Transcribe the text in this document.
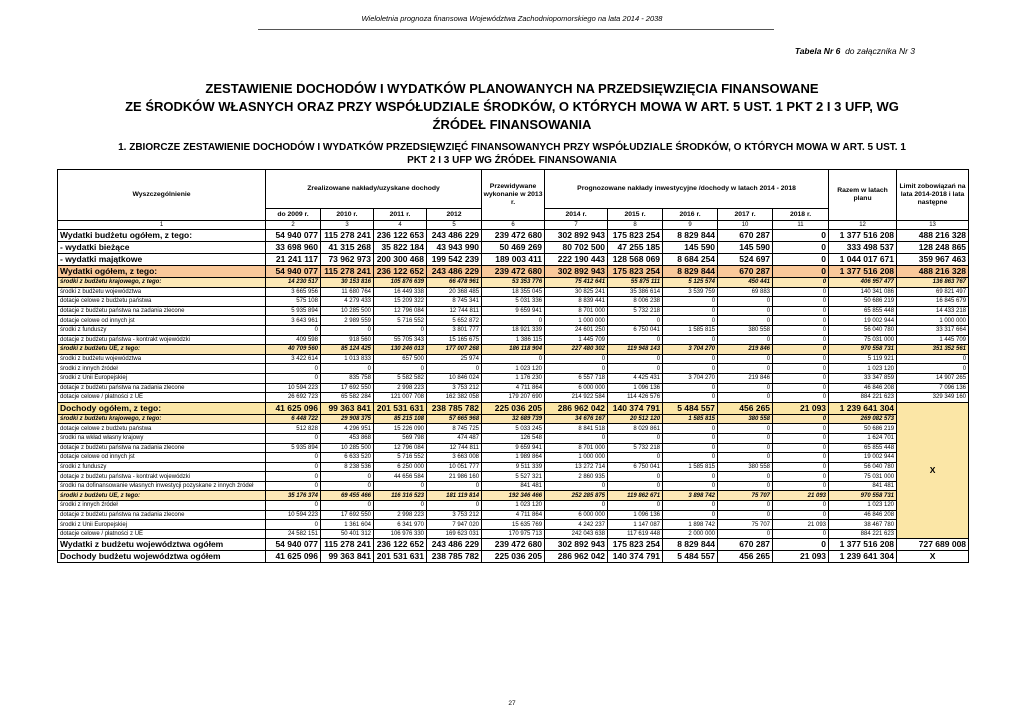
Wieloletnia prognoza finansowa Województwa Zachodniopomorskiego na lata 2014 - 2038
Tabela Nr 6 do załącznika Nr 3
ZESTAWIENIE DOCHODÓW I WYDATKÓW PLANOWANYCH NA PRZEDSIĘWZIĘCIA FINANSOWANE
ZE ŚRODKÓW WŁASNYCH ORAZ PRZY WSPÓŁUDZIALE ŚRODKÓW, O KTÓRYCH MOWA W ART. 5 UST. 1 PKT 2 I 3 UFP, WG
ŹRÓDEŁ FINANSOWANIA
1. ZBIORCZE ZESTAWIENIE DOCHODÓW I WYDATKÓW PRZEDSIĘWZIĘĆ FINANSOWANYCH PRZY WSPÓŁUDZIALE ŚRODKÓW, O KTÓRYCH MOWA W ART. 5 UST. 1
PKT 2 I 3 UFP WG ŹRÓDEŁ FINANSOWANIA
Wyszczególnienie	Zrealizowane nakłady/uzyskane dochody				Przewidywane wykonanie w 2013 r.	Prognozowane nakłady inwestycyjne /dochody w latach 2014 - 2018					Razem w latach planu	Limit zobowiązań na lata 2014-2018 i lata następne
	do 2009 r.	2010 r.	2011 r.	2012		2014 r.	2015 r.	2016 r.	2017 r.	2018 r.		
1	2	3	4	5	6	7	8	9	10	11	12	13
Wydatki budżetu ogółem, z tego:	54 940 077	115 278 241	236 122 653	243 486 229	239 472 680	302 892 943	175 823 254	8 829 844	670 287	0	1 377 516 208	488 216 328
- wydatki bieżące	33 698 960	41 315 268	35 822 184	43 943 990	50 469 269	80 702 500	47 255 185	145 590	145 590	0	333 498 537	128 248 865
- wydatki majątkowe	21 241 117	73 962 973	200 300 468	199 542 239	189 003 411	222 190 443	128 568 069	8 684 254	524 697	0	1 044 017 671	359 967 463
Wydatki ogółem, z tego:	54 940 077	115 278 241	236 122 652	243 486 229	239 472 680	302 892 943	175 823 254	8 829 844	670 287	0	1 377 516 208	488 216 328
środki z budżetu krajowego, z tego:	14 230 517	30 153 816	105 876 639	66 478 961	53 353 776	75 412 641	55 875 111	5 125 574	450 441	0	406 957 477	136 863 767
środki z budżetu województwa	3 665 956	11 680 764	16 449 338	20 368 485	18 355 045	30 825 241	35 386 614	3 539 759	69 883	0	140 341 086	69 821 497
dotacje celowe z budżetu państwa	575 108	4 279 433	15 209 322	8 745 341	5 031 336	8 839 441	8 006 238	0	0	0	50 686 219	16 845 679
dotacje z budżetu państwa na zadania zlecone	5 935 894	10 285 500	12 796 084	12 744 811	9 659 941	8 701 000	5 732 218	0	0	0	65 855 448	14 433 218
dotacje celowe od innych jst	3 643 961	2 989 559	5 716 552	5 652 872	0	1 000 000	0	0	0	0	19 002 944	1 000 000
środki z funduszy	0	0	0	3 801 777	18 921 339	24 601 250	6 750 041	1 585 815	380 558	0	56 040 780	33 317 664
dotacje z budżetu państwa - kontrakt wojewódzki	409 598	918 560	55 705 343	15 165 675	1 386 115	1 445 709	0	0	0	0	75 031 000	1 445 709
środki z budżetu UE, z tego:	40 709 560	85 124 425	130 246 013	177 007 268	186 118 904	227 480 302	119 948 143	3 704 270	219 846	0	970 558 731	351 352 561
środki z budżetu województwa	3 422 614	1 013 833	657 500	25 974	0	0	0	0	0	0	5 119 921	0
środki z innych źródeł	0	0	0	0	1 023 120	0	0	0	0	0	1 023 120	0
środki z Unii Europejskiej	0	835 758	5 582 582	10 846 024	1 176 230	6 557 718	4 425 431	3 704 270	219 846	0	33 347 859	14 907 265
dotacje z budżetu państwa na zadania zlecone	10 594 223	17 692 550	2 998 223	3 753 212	4 711 864	6 000 000	1 096 136	0	0	0	46 846 208	7 096 136
dotacje celowe / płatności z UE	26 692 723	65 582 284	121 007 708	162 382 058	179 207 690	214 922 584	114 426 576	0	0	0	884 221 623	329 349 160
Dochody ogółem, z tego:	41 625 096	99 363 841	201 531 631	238 785 782	225 036 205	286 962 042	140 374 791	5 484 557	456 265	21 093	1 239 641 304	X
środki z budżetu krajowego, z tego:	6 448 722	29 908 375	85 215 108	57 665 968	32 689 739	34 676 167	20 512 120	1 585 815	380 558	0	269 082 573	
dotacje celowe z budżetu państwa	512 828	4 296 951	15 226 090	8 745 725	5 033 245	8 841 518	8 029 861	0	0	0	50 686 219	
środki na wkład własny krajowy	0	453 868	569 798	474 487	126 548	0	0	0	0	0	1 624 701	
dotacje z budżetu państwa na zadania zlecone	5 935 894	10 285 500	12 796 084	12 744 811	9 659 941	8 701 000	5 732 218	0	0	0	65 855 448	
dotacje celowe od innych jst	0	6 633 520	5 716 552	3 663 008	1 989 864	1 000 000	0	0	0	0	19 002 944	
środki z funduszy	0	8 238 536	6 250 000	10 051 777	9 511 339	13 272 714	6 750 041	1 585 815	380 558	0	56 040 780	
dotacje z budżetu państwa - kontrakt wojewódzki	0	0	44 656 584	21 986 160	5 527 321	2 860 935	0	0	0	0	75 031 000	
środki na dofinansowanie własnych inwestycji pozyskane z innych źródeł	0	0	0	0	841 481	0	0	0	0	0	841 481	
środki z budżetu UE, z tego:	35 176 374	69 455 466	116 316 523	181 119 814	192 346 466	252 285 875	119 862 671	3 898 742	75 707	21 093	970 558 731	
środki z innych źródeł	0	0	0	0	1 023 120	0	0	0	0	0	1 023 120	
dotacje z budżetu państwa na zadania zlecone	10 594 223	17 692 550	2 998 223	3 753 212	4 711 864	6 000 000	1 096 136	0	0	0	46 846 208	
środki z Unii Europejskiej	0	1 361 604	6 341 970	7 947 020	15 635 769	4 242 237	1 147 087	1 898 742	75 707	21 093	38 467 780	
dotacje celowe / płatności z UE	24 582 151	50 401 312	106 976 330	169 623 031	170 975 713	242 043 638	117 619 448	2 000 000	0	0	884 221 623	
Wydatki z budżetu województwa ogółem	54 940 077	115 278 241	236 122 652	243 486 229	239 472 680	302 892 943	175 823 254	8 829 844	670 287	0	1 377 516 208	727 689 008
Dochody budżetu województwa ogółem	41 625 096	99 363 841	201 531 631	238 785 782	225 036 205	286 962 042	140 374 791	5 484 557	456 265	21 093	1 239 641 304	X
27
